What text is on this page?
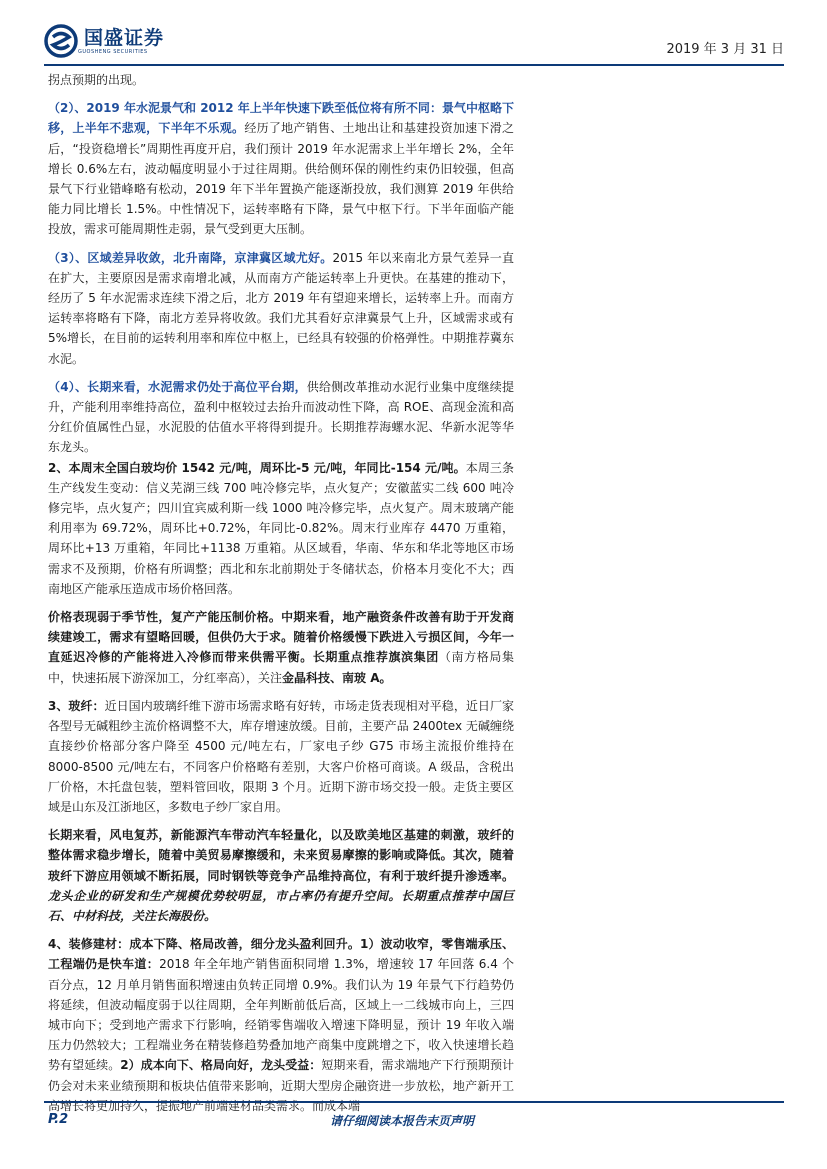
国盛证券
GUOSHENG SECURITIES	2019 年 3 月 31 日

拐点预期的出现。

（2）、2019 年水泥景气和 2012 年上半年快速下跌至低位将有所不同：景气中枢略下移，上半年不悲观，下半年不乐观。经历了地产销售、土地出让和基建投资加速下滑之后，“投资稳增长”周期性再度开启，我们预计 2019 年水泥需求上半年增长 2%，全年增长 0.6%左右，波动幅度明显小于过往周期。供给侧环保的刚性约束仍旧较强，但高景气下行业错峰略有松动，2019 年下半年置换产能逐渐投放，我们测算 2019 年供给能力同比增长 1.5%。中性情况下，运转率略有下降，景气中枢下行。下半年面临产能投放，需求可能周期性走弱，景气受到更大压制。

（3）、区域差异收敛，北升南降，京津冀区域尤好。2015 年以来南北方景气差异一直在扩大，主要原因是需求南增北减，从而南方产能运转率上升更快。在基建的推动下，经历了 5 年水泥需求连续下滑之后，北方 2019 年有望迎来增长，运转率上升。而南方运转率将略有下降，南北方差异将收敛。我们尤其看好京津冀景气上升，区域需求或有 5%增长，在目前的运转利用率和库位中枢上，已经具有较强的价格弹性。中期推荐冀东水泥。

（4）、长期来看，水泥需求仍处于高位平台期，供给侧改革推动水泥行业集中度继续提升，产能利用率维持高位，盈利中枢较过去抬升而波动性下降，高 ROE、高现金流和高分红价值属性凸显，水泥股的估值水平将得到提升。长期推荐海螺水泥、华新水泥等华东龙头。

2、本周末全国白玻均价 1542 元/吨，周环比-5 元/吨，年同比-154 元/吨。本周三条生产线发生变动：信义芜湖三线 700 吨冷修完毕，点火复产；安徽蓝实二线 600 吨冷修完毕，点火复产；四川宜宾威利斯一线 1000 吨冷修完毕，点火复产。周末玻璃产能利用率为 69.72%，周环比+0.72%，年同比-0.82%。周末行业库存 4470 万重箱，周环比+13 万重箱，年同比+1138 万重箱。从区域看，华南、华东和华北等地区市场需求不及预期，价格有所调整；西北和东北前期处于冬储状态，价格本月变化不大；西南地区产能承压造成市场价格回落。

价格表现弱于季节性，复产产能压制价格。中期来看，地产融资条件改善有助于开发商续建竣工，需求有望略回暖，但供仍大于求。随着价格缓慢下跌进入亏损区间，今年一直延迟冷修的产能将进入冷修而带来供需平衡。长期重点推荐旗滨集团（南方格局集中，快速拓展下游深加工，分红率高），关注金晶科技、南玻 A。

3、玻纤：近日国内玻璃纤维下游市场需求略有好转，市场走货表现相对平稳，近日厂家各型号无碱粗纱主流价格调整不大，库存增速放缓。目前，主要产品 2400tex 无碱缠绕直接纱价格部分客户降至 4500 元/吨左右，厂家电子纱 G75 市场主流报价维持在 8000-8500 元/吨左右，不同客户价格略有差别，大客户价格可商谈。A 级品，含税出厂价格，木托盘包装，塑料管回收，限期 3 个月。近期下游市场交投一般。走货主要区域是山东及江浙地区，多数电子纱厂家自用。

长期来看，风电复苏，新能源汽车带动汽车轻量化，以及欧美地区基建的刺激，玻纤的整体需求稳步增长，随着中美贸易摩擦缓和，未来贸易摩擦的影响或降低。其次，随着玻纤下游应用领域不断拓展，同时钢铁等竞争产品维持高位，有利于玻纤提升渗透率。龙头企业的研发和生产规模优势较明显，市占率仍有提升空间。长期重点推荐中国巨石、中材科技，关注长海股份。

4、装修建材：成本下降、格局改善，细分龙头盈利回升。1）波动收窄，零售端承压、工程端仍是快车道：2018 年全年地产销售面积同增 1.3%，增速较 17 年回落 6.4 个百分点，12 月单月销售面积增速由负转正同增 0.9%。我们认为 19 年景气下行趋势仍将延续，但波动幅度弱于以往周期，全年判断前低后高，区域上一二线城市向上，三四城市向下；受到地产需求下行影响，经销零售端收入增速下降明显，预计 19 年收入端压力仍然较大；工程端业务在精装修趋势叠加地产商集中度跳增之下，收入快速增长趋势有望延续。2）成本向下、格局向好，龙头受益：短期来看，需求端地产下行预期预计仍会对未来业绩预期和板块估值带来影响，近期大型房企融资进一步放松，地产新开工高增长将更加持久，提振地产前端建材品类需求。而成本端

P.2	请仔细阅读本报告末页声明
